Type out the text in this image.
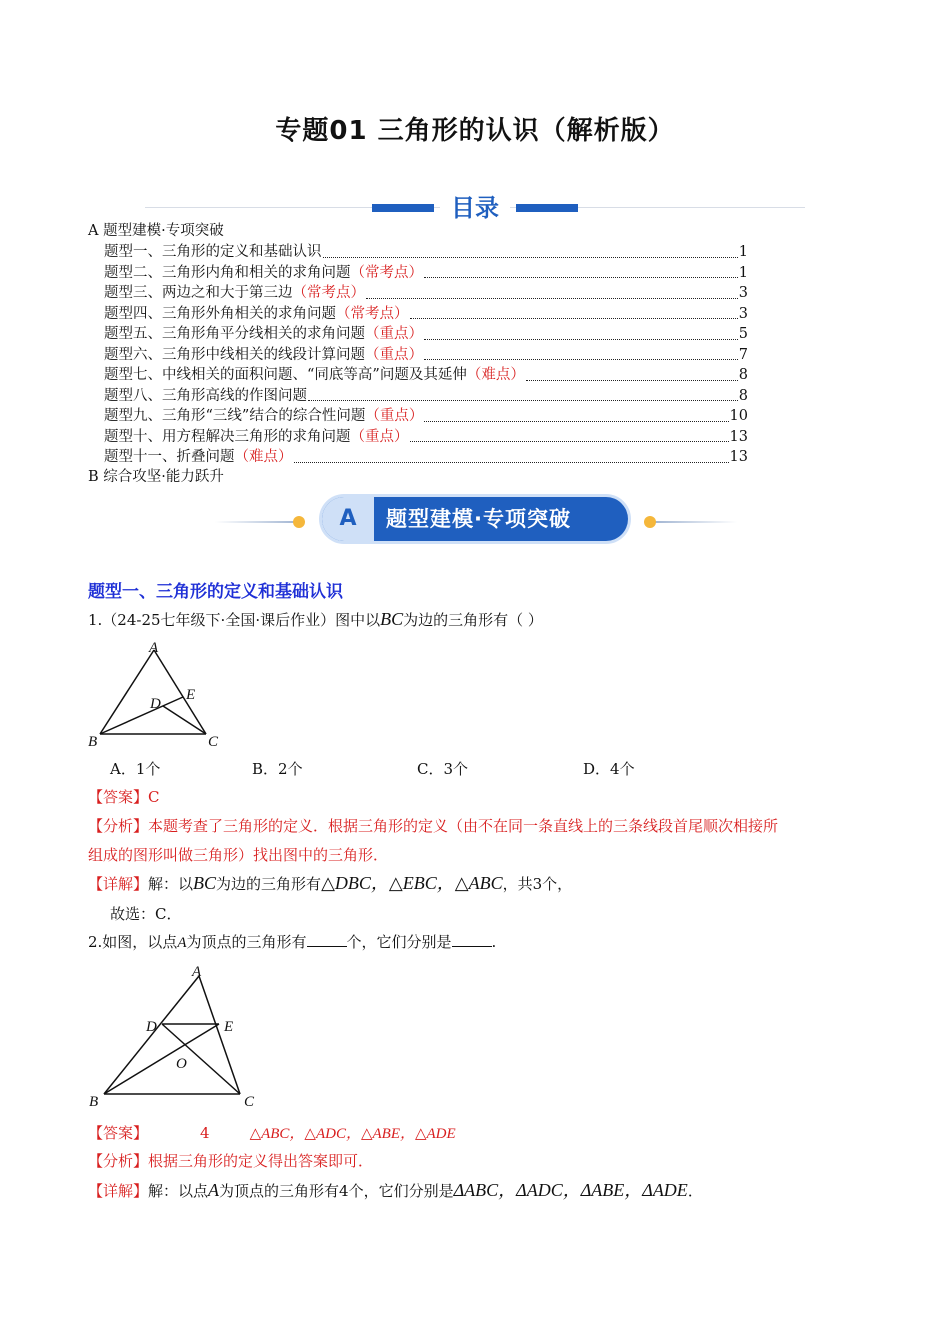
专题01 三角形的认识（解析版）
目录
A 题型建模·专项突破
题型一、三角形的定义和基础认识	1
题型二、三角形内角和相关的求角问题 （常考点）	1
题型三、两边之和大于第三边 （常考点）	3
题型四、三角形外角相关的求角问题 （常考点）	3
题型五、三角形角平分线相关的求角问题 （重点）	5
题型六、三角形中线相关的线段计算问题 （重点）	7
题型七、中线相关的面积问题、“同底等高”问题及其延伸 （难点）	8
题型八、三角形高线的作图问题	8
题型九、三角形“三线”结合的综合性问题 （重点）	10
题型十、用方程解决三角形的求角问题 （重点）	13
题型十一、折叠问题 （难点）	13
B 综合攻坚·能力跃升
A	题型建模·专项突破
题型一、三角形的定义和基础认识
1.（24-25七年级下·全国·课后作业）图中以BC为边的三角形有（ ）
A
B	C
D
E
A．1个	B．2个	C．3个	D．4个
【答案】C
【分析】本题考查了三角形的定义．根据三角形的定义（由不在同一条直线上的三条线段首尾顺次相接所
组成的图形叫做三角形）找出图中的三角形．
【详解】解：以BC为边的三角形有△DBC，△EBC，△ABC，共3个，
故选：C．
2.如图，以点A为顶点的三角形有	个，它们分别是	.
A
B	C
D	E
O
【答案】	4	△ABC，△ADC，△ABE，△ADE
【分析】根据三角形的定义得出答案即可．
【详解】解：以点A为顶点的三角形有4个，它们分别是ΔABC，ΔADC，ΔABE，ΔADE．
